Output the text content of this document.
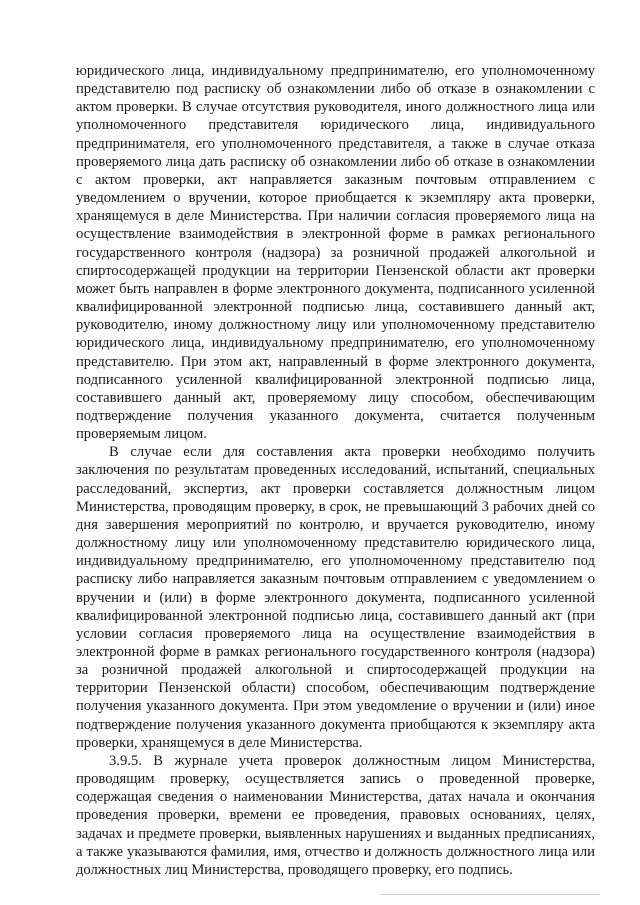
юридического лица, индивидуальному предпринимателю, его уполномоченному представителю под расписку об ознакомлении либо об отказе в ознакомлении с актом проверки. В случае отсутствия руководителя, иного должностного лица или уполномоченного представителя юридического лица, индивидуального предпринимателя, его уполномоченного представителя, а также в случае отказа проверяемого лица дать расписку об ознакомлении либо об отказе в ознакомлении с актом проверки, акт направляется заказным почтовым отправлением с уведомлением о вручении, которое приобщается к экземпляру акта проверки, хранящемуся в деле Министерства. При наличии согласия проверяемого лица на осуществление взаимодействия в электронной форме в рамках регионального государственного контроля (надзора) за розничной продажей алкогольной и спиртосодержащей продукции на территории Пензенской области акт проверки может быть направлен в форме электронного документа, подписанного усиленной квалифицированной электронной подписью лица, составившего данный акт, руководителю, иному должностному лицу или уполномоченному представителю юридического лица, индивидуальному предпринимателю, его уполномоченному представителю. При этом акт, направленный в форме электронного документа, подписанного усиленной квалифицированной электронной подписью лица, составившего данный акт, проверяемому лицу способом, обеспечивающим подтверждение получения указанного документа, считается полученным проверяемым лицом.

В случае если для составления акта проверки необходимо получить заключения по результатам проведенных исследований, испытаний, специальных расследований, экспертиз, акт проверки составляется должностным лицом Министерства, проводящим проверку, в срок, не превышающий 3 рабочих дней со дня завершения мероприятий по контролю, и вручается руководителю, иному должностному лицу или уполномоченному представителю юридического лица, индивидуальному предпринимателю, его уполномоченному представителю под расписку либо направляется заказным почтовым отправлением с уведомлением о вручении и (или) в форме электронного документа, подписанного усиленной квалифицированной электронной подписью лица, составившего данный акт (при условии согласия проверяемого лица на осуществление взаимодействия в электронной форме в рамках регионального государственного контроля (надзора) за розничной продажей алкогольной и спиртосодержащей продукции на территории Пензенской области) способом, обеспечивающим подтверждение получения указанного документа. При этом уведомление о вручении и (или) иное подтверждение получения указанного документа приобщаются к экземпляру акта проверки, хранящемуся в деле Министерства.

3.9.5. В журнале учета проверок должностным лицом Министерства, проводящим проверку, осуществляется запись о проведенной проверке, содержащая сведения о наименовании Министерства, датах начала и окончания проведения проверки, времени ее проведения, правовых основаниях, целях, задачах и предмете проверки, выявленных нарушениях и выданных предписаниях, а также указываются фамилия, имя, отчество и должность должностного лица или должностных лиц Министерства, проводящего проверку, его подпись.
